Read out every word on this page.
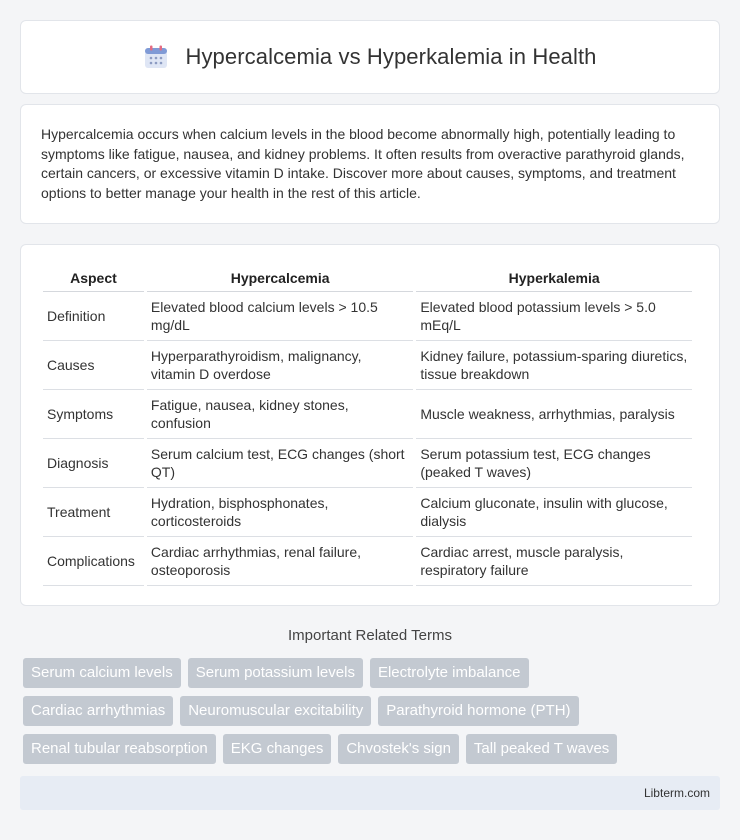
Hypercalcemia vs Hyperkalemia in Health

Hypercalcemia occurs when calcium levels in the blood become abnormally high, potentially leading to symptoms like fatigue, nausea, and kidney problems. It often results from overactive parathyroid glands, certain cancers, or excessive vitamin D intake. Discover more about causes, symptoms, and treatment options to better manage your health in the rest of this article.

Aspect	Hypercalcemia	Hyperkalemia
Definition	Elevated blood calcium levels > 10.5 mg/dL	Elevated blood potassium levels > 5.0 mEq/L
Causes	Hyperparathyroidism, malignancy, vitamin D overdose	Kidney failure, potassium-sparing diuretics, tissue breakdown
Symptoms	Fatigue, nausea, kidney stones, confusion	Muscle weakness, arrhythmias, paralysis
Diagnosis	Serum calcium test, ECG changes (short QT)	Serum potassium test, ECG changes (peaked T waves)
Treatment	Hydration, bisphosphonates, corticosteroids	Calcium gluconate, insulin with glucose, dialysis
Complications	Cardiac arrhythmias, renal failure, osteoporosis	Cardiac arrest, muscle paralysis, respiratory failure
Important Related Terms
Serum calcium levels	Serum potassium levels	Electrolyte imbalance
Cardiac arrhythmias	Neuromuscular excitability	Parathyroid hormone (PTH)
Renal tubular reabsorption	EKG changes	Chvostek's sign	Tall peaked T waves
Libterm.com
